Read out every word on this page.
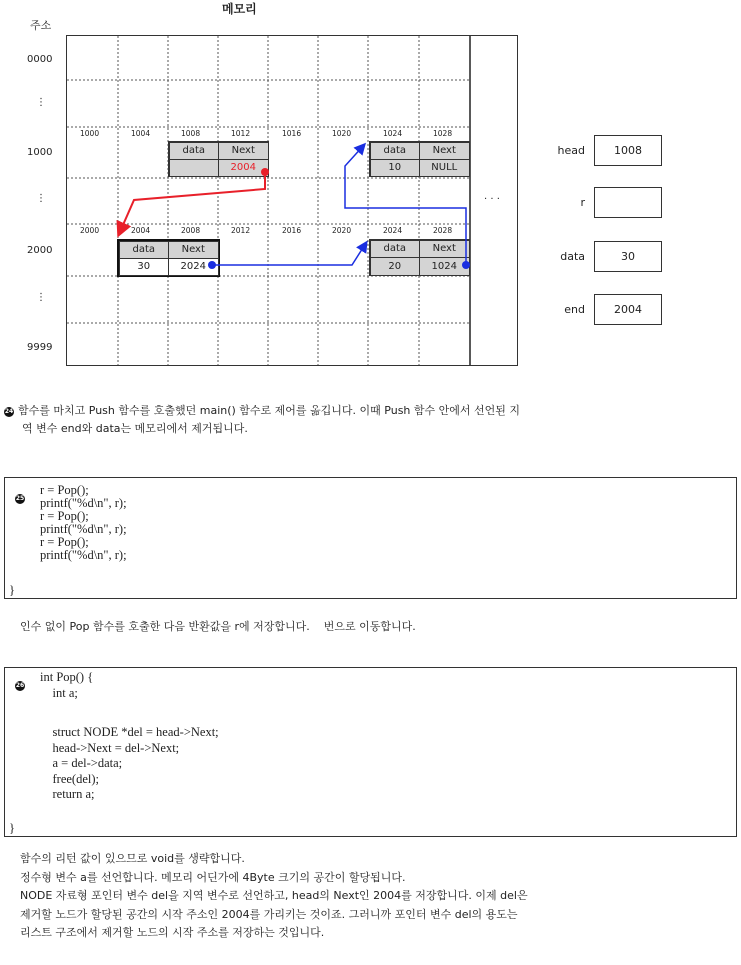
메모리
주소
0000
⋮
1000
⋮
2000
⋮
9999
1000	1004	1008	1012	1016	1020	1024	1028
2000	2004	2008	2012	2016	2020	2024	2028
· · ·
data	Next
2004
data	Next
10	NULL
data	Next
30	2024
data	Next
20	1024
head	1008
r
data	30
end	2004
24 함수를 마치고 Push 함수를 호출했던 main() 함수로 제어를 옮깁니다. 이때 Push 함수 안에서 선언된 지
역 변수 end와 data는 메모리에서 제거됩니다.
25
r = Pop();
printf("%d\n", r);
r = Pop();
printf("%d\n", r);
r = Pop();
printf("%d\n", r);
}
인수 없이 Pop 함수를 호출한 다음 반환값을 r에 저장합니다.    번으로 이동합니다.
26
int Pop() {
int a;
struct NODE *del = head->Next;
head->Next = del->Next;
a = del->data;
free(del);
return a;
}
함수의 리턴 값이 있으므로 void를 생략합니다.
정수형 변수 a를 선언합니다. 메모리 어딘가에 4Byte 크기의 공간이 할당됩니다.
NODE 자료형 포인터 변수 del을 지역 변수로 선언하고, head의 Next인 2004를 저장합니다. 이제 del은
제거할 노드가 할당된 공간의 시작 주소인 2004를 가리키는 것이죠. 그러니까 포인터 변수 del의 용도는
리스트 구조에서 제거할 노드의 시작 주소를 저장하는 것입니다.
